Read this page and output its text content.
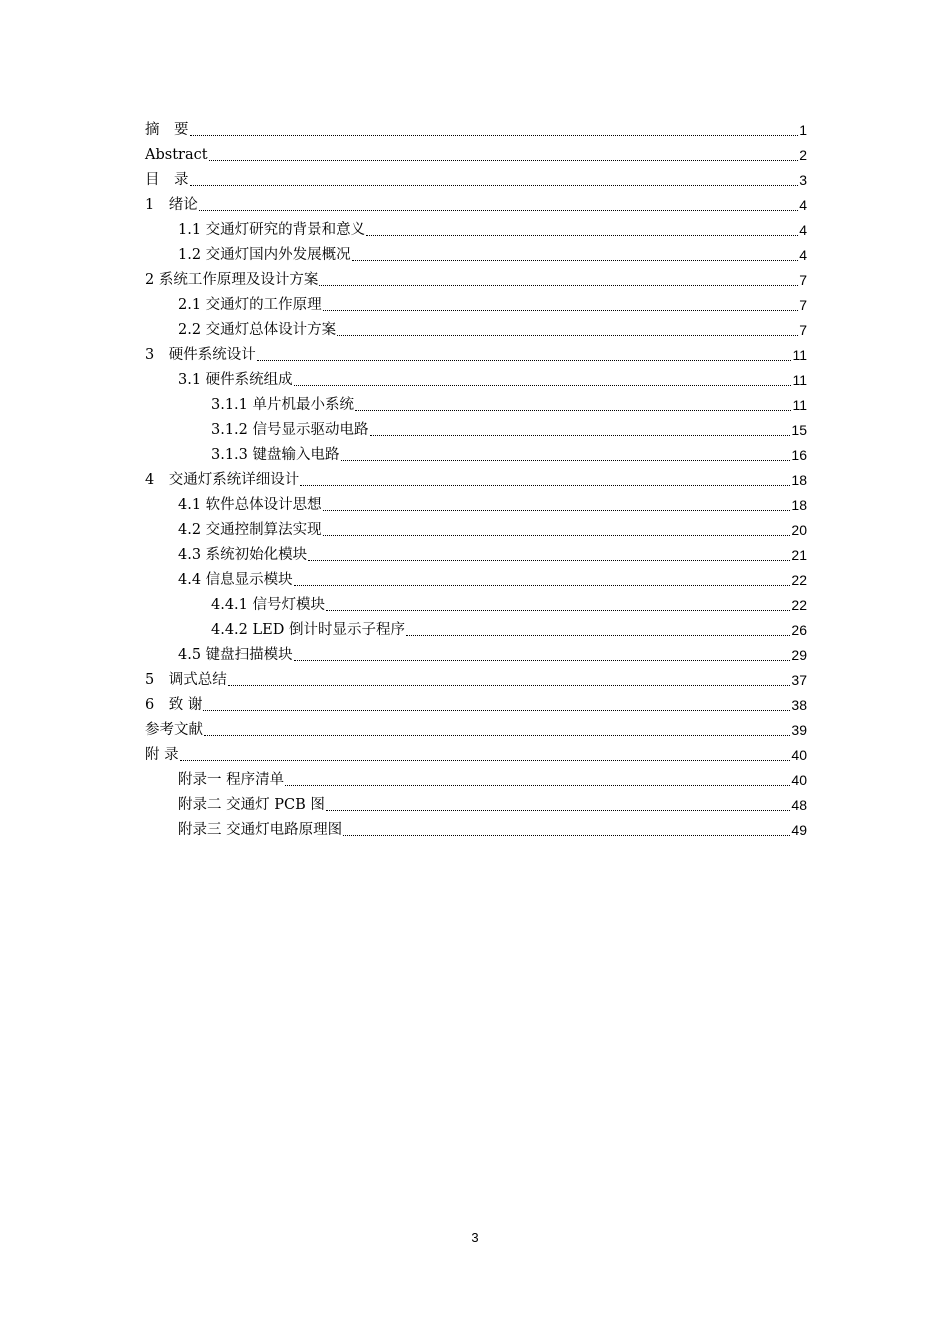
摘　要	1
Abstract	2
目　录	3
1　绪论	4
1.1 交通灯研究的背景和意义	4
1.2 交通灯国内外发展概况	4
2 系统工作原理及设计方案	7
2.1 交通灯的工作原理	7
2.2 交通灯总体设计方案	7
3　硬件系统设计	11
3.1 硬件系统组成	11
3.1.1 单片机最小系统	11
3.1.2 信号显示驱动电路	15
3.1.3 键盘输入电路	16
4　交通灯系统详细设计	18
4.1 软件总体设计思想	18
4.2 交通控制算法实现	20
4.3 系统初始化模块	21
4.4 信息显示模块	22
4.4.1 信号灯模块	22
4.4.2 LED 倒计时显示子程序	26
4.5 键盘扫描模块	29
5　调式总结	37
6　致 谢	38
参考文献	39
附 录	40
附录一 程序清单	40
附录二 交通灯 PCB 图	48
附录三 交通灯电路原理图	49
3
